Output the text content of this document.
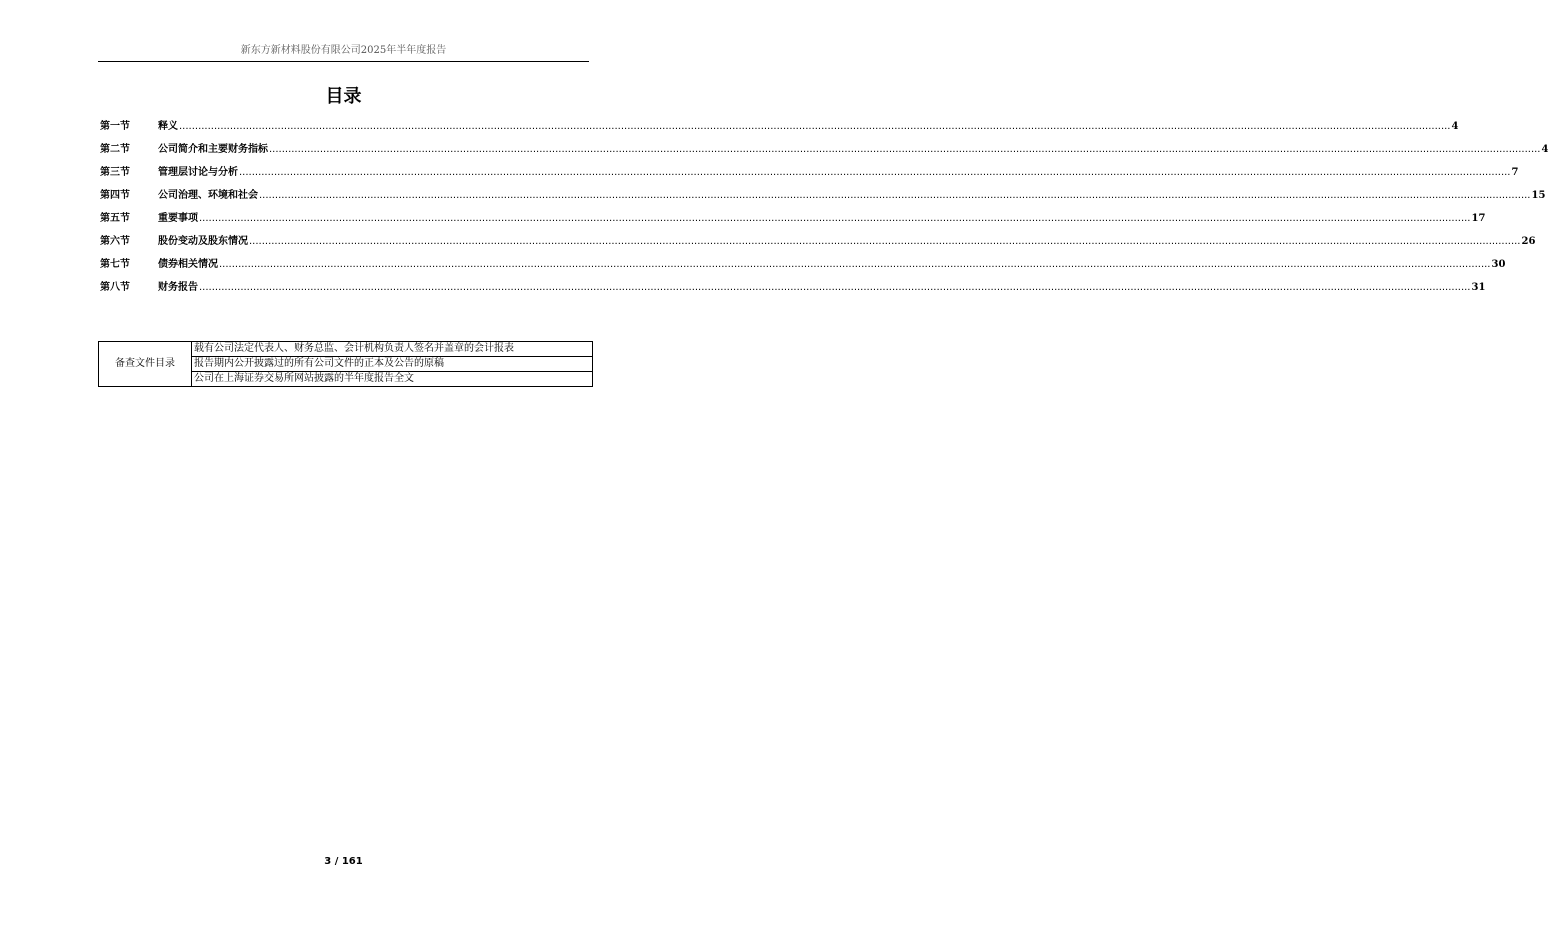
新东方新材料股份有限公司2025年半年度报告
目录
第一节	释义 ................................................................................................................................................................................................................................................................................................................................................................................................................ 4
第二节	公司简介和主要财务指标 ................................................................................................................................................................................................................................................................................................................................................................................................................ 4
第三节	管理层讨论与分析 ................................................................................................................................................................................................................................................................................................................................................................................................................ 7
第四节	公司治理、环境和社会 ................................................................................................................................................................................................................................................................................................................................................................................................................ 15
第五节	重要事项 ................................................................................................................................................................................................................................................................................................................................................................................................................ 17
第六节	股份变动及股东情况 ................................................................................................................................................................................................................................................................................................................................................................................................................ 26
第七节	债券相关情况 ................................................................................................................................................................................................................................................................................................................................................................................................................ 30
第八节	财务报告 ................................................................................................................................................................................................................................................................................................................................................................................................................ 31
备查文件目录	载有公司法定代表人、财务总监、会计机构负责人签名并盖章的会计报表
报告期内公开披露过的所有公司文件的正本及公告的原稿
公司在上海证券交易所网站披露的半年度报告全文
3 / 161
